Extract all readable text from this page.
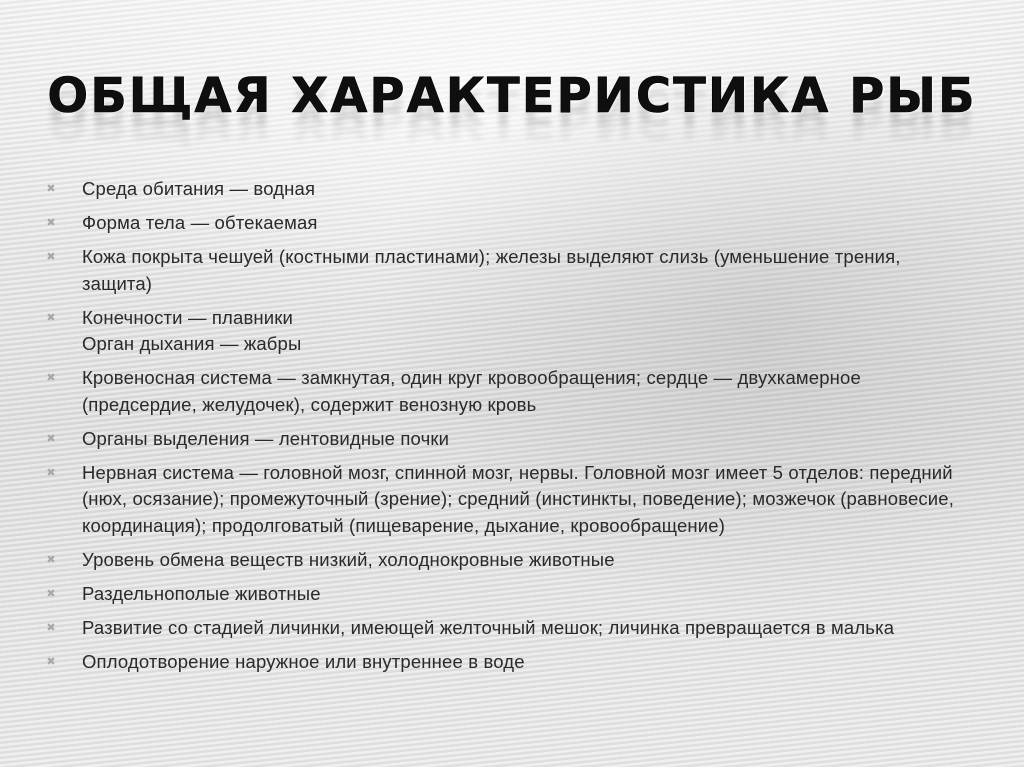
ОБЩАЯ ХАРАКТЕРИСТИКА РЫБ
✖ Среда обитания — водная
✖ Форма тела — обтекаемая
✖ Кожа покрыта чешуей (костными пластинами); железы выделяют слизь (уменьшение трения, защита)
✖ Конечности — плавники
Орган дыхания — жабры
✖ Кровеносная система — замкнутая, один круг кровообращения; сердце — двухкамерное (предсердие, желудочек), содержит венозную кровь
✖ Органы выделения — лентовидные почки
✖ Нервная система — головной мозг, спинной мозг, нервы. Головной мозг имеет 5 отделов: передний (нюх, осязание); промежуточный (зрение); средний (инстинкты, поведение); мозжечок (равновесие, координация); продолговатый (пищеварение, дыхание, кровообращение)
✖ Уровень обмена веществ низкий, холоднокровные животные
✖ Раздельнополые животные
✖ Развитие со стадией личинки, имеющей желточный мешок; личинка превращается в малька
✖ Оплодотворение наружное или внутреннее в воде
